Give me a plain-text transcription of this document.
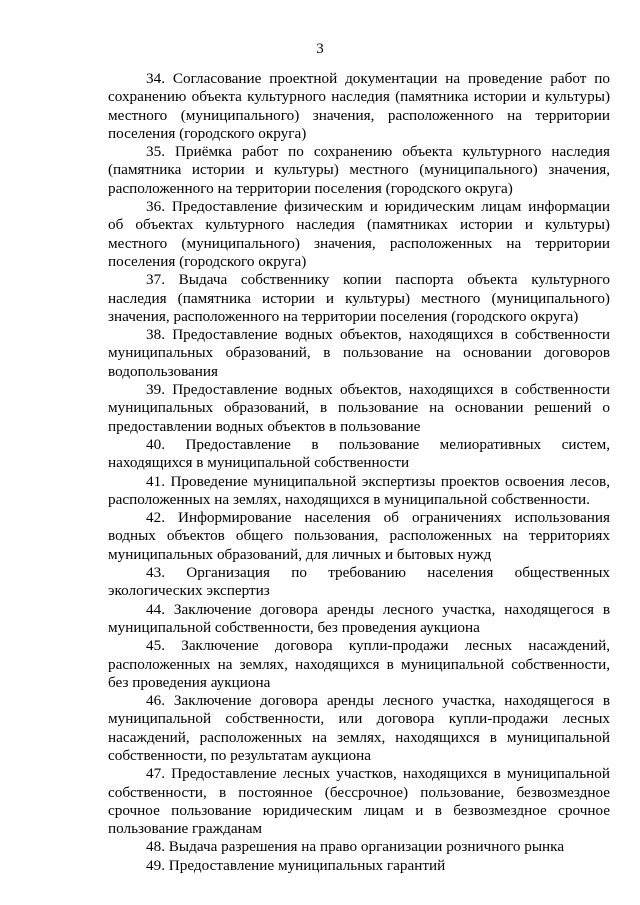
3

34. Согласование проектной документации на проведение работ по сохранению объекта культурного наследия (памятника истории и культуры) местного (муниципального) значения, расположенного на территории поселения (городского округа)

35. Приёмка работ по сохранению объекта культурного наследия (памятника истории и культуры) местного (муниципального) значения, расположенного на территории поселения (городского округа)

36. Предоставление физическим и юридическим лицам информации об объектах культурного наследия (памятниках истории и культуры) местного (муниципального) значения, расположенных на территории поселения (городского округа)

37. Выдача собственнику копии паспорта объекта культурного наследия (памятника истории и культуры) местного (муниципального) значения, расположенного на территории поселения (городского округа)

38. Предоставление водных объектов, находящихся в собственности муниципальных образований, в пользование на основании договоров водопользования

39. Предоставление водных объектов, находящихся в собственности муниципальных образований, в пользование на основании решений о предоставлении водных объектов в пользование

40. Предоставление в пользование мелиоративных систем, находящихся в муниципальной собственности

41. Проведение муниципальной экспертизы проектов освоения лесов, расположенных на землях, находящихся в муниципальной собственности.

42. Информирование населения об ограничениях использования водных объектов общего пользования, расположенных на территориях муниципальных образований, для личных и бытовых нужд

43. Организация по требованию населения общественных экологических экспертиз

44. Заключение договора аренды лесного участка, находящегося в муниципальной собственности, без проведения аукциона

45. Заключение договора купли-продажи лесных насаждений, расположенных на землях, находящихся в муниципальной собственности, без проведения аукциона

46. Заключение договора аренды лесного участка, находящегося в муниципальной собственности, или договора купли-продажи лесных насаждений, расположенных на землях, находящихся в муниципальной собственности, по результатам аукциона

47. Предоставление лесных участков, находящихся в муниципальной собственности, в постоянное (бессрочное) пользование, безвозмездное срочное пользование юридическим лицам и в безвозмездное срочное пользование гражданам

48. Выдача разрешения на право организации розничного рынка

49. Предоставление муниципальных гарантий
